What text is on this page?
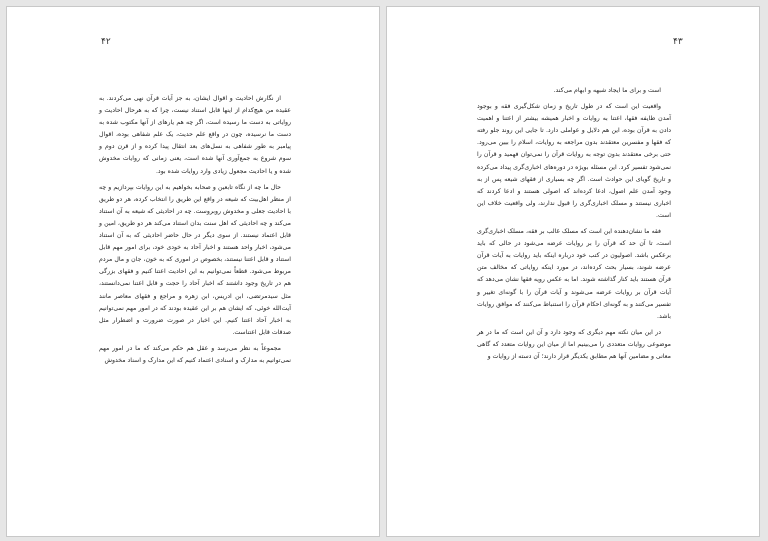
۴۲

از نگارش احادیث و اقوال ایشان، به جز آیات قرآن نهی می‌کردند. به عقیده من هیچ‌کدام از اینها قابل استناد نیست، چرا که به هرحال احادیث و روایاتی به دست ما رسیده است، اگر چه هم یارهای از آنها مکتوب شده به دست ما نرسیده، چون در واقع علم حدیث، یک علم شفاهی بوده، اقوال پیامبر به طور شفاهی به نسل‌های بعد انتقال پیدا کرده و از قرن دوم و سوم شروع به جمع‌آوری آنها شده است، یعنی زمانی که روایات مخدوش شده و یا احادیث مجعول زیادی وارد روایات شده بود.

حال ما چه از نگاه تابعین و صحابه بخواهیم به این روایات بپردازیم و چه از منظر اهل‌بیت که شیعه در واقع این طریق را انتخاب کرده، هر دو طریق با احادیث جعلی و مخدوش روبروست. چه در احادیثی که شیعه به آن استناد می‌کند و چه احادیثی که اهل سنت بدان استناد می‌کند هر دو طریق، امین و قابل اعتماد نیستند. از سوی دیگر در حال حاضر احادیثی که به آن استناد می‌شود، اخبار واحد هستند و اخبار آحاد به خودی خود، برای امور مهم قابل استناد و قابل اعتنا نیستند، بخصوص در اموری که به خون، جان و مال مردم مربوط می‌شود. قطعاً نمی‌توانیم به این احادیث اعتنا کنیم و فقهای بزرگی هم در تاریخ وجود داشتند که اخبار آحاد را حجت و قابل اعتنا نمی‌دانستند، مثل سیدمرتضی، ابن ادریس، ابن زهره و مراجع و فقهای معاصر مانند آیت‌الله خوئی، که ایشان هم بر این عقیده بودند که در امور مهم نمی‌توانیم به اخبار آحاد اعتنا کنیم. این اخبار در صورت ضرورت و اضطرار مثل صدقات قابل اعتناست.

مجموعاً به نظر می‌رسد و عقل هم حکم می‌کند که ما در امور مهم نمی‌توانیم به مدارک و اسنادی اعتماد کنیم که این مدارک و اسناد مخدوش

۴۳

است و برای ما ایجاد شبهه و ابهام می‌کند.

واقعیت این است که در طول تاریخ و زمان شکل‌گیری فقه و بوجود آمدن طایفه فقها، اعتنا به روایات و اخبار همیشه بیشتر از اعتنا و اهمیت دادن به قرآن بوده، این هم دلایل و عواملی دارد. تا جایی این روند جلو رفته که فقها و مفسرین معتقدند بدون مراجعه به روایات، اسلام را بیین می‌رود. حتی برخی معتقدند بدون توجه به روایات قرآن را نمی‌توان فهمید و قرآن را نمی‌شود تفسیر کرد. این مسئله بویژه در دوره‌های اخباری‌گری پیداد می‌کرده و تاریخ گویای این حوادث است. اگر چه بسیاری از فقهای شیعه پس از به وجود آمدن علم اصول، ادعا کرده‌اند که اصولی هستند و ادعا کردند که اخباری نیستند و مسلک اخباری‌گری را قبول ندارند، ولی واقعیت خلاف این است.

فقه ما نشان‌دهنده این است که مسلک غالب بر فقه، مسلک اخباری‌گری است، تا آن حد که قرآن را بر روایات عرضه می‌شود در حالی که باید برعکس باشد. اصولیون در کتب خود درباره اینکه باید روایات به آیات قرآن عرضه شوند، بسیار بحث کرده‌اند، در مورد اینکه روایاتی که مخالف متن قرآن هستند باید کنار گذاشته شوند. اما به عکس رویه فقها نشان می‌دهد که آیات قرآن بر روایات عرضه می‌شوند و آیات قرآن را با گونه‌ای تغییر و تفسیر می‌کنند و به گونه‌ای احکام قرآن را استنباط می‌کنند که موافق روایات باشد.

در این میان نکته مهم دیگری که وجود دارد و آن این است که ما در هر موضوعی روایات متعددی را می‌بینیم اما از میان این روایات متعدد که گاهی معانی و مضامین آنها هم مطابق یکدیگر قرار دارند؛ آن دسته از روایات و
